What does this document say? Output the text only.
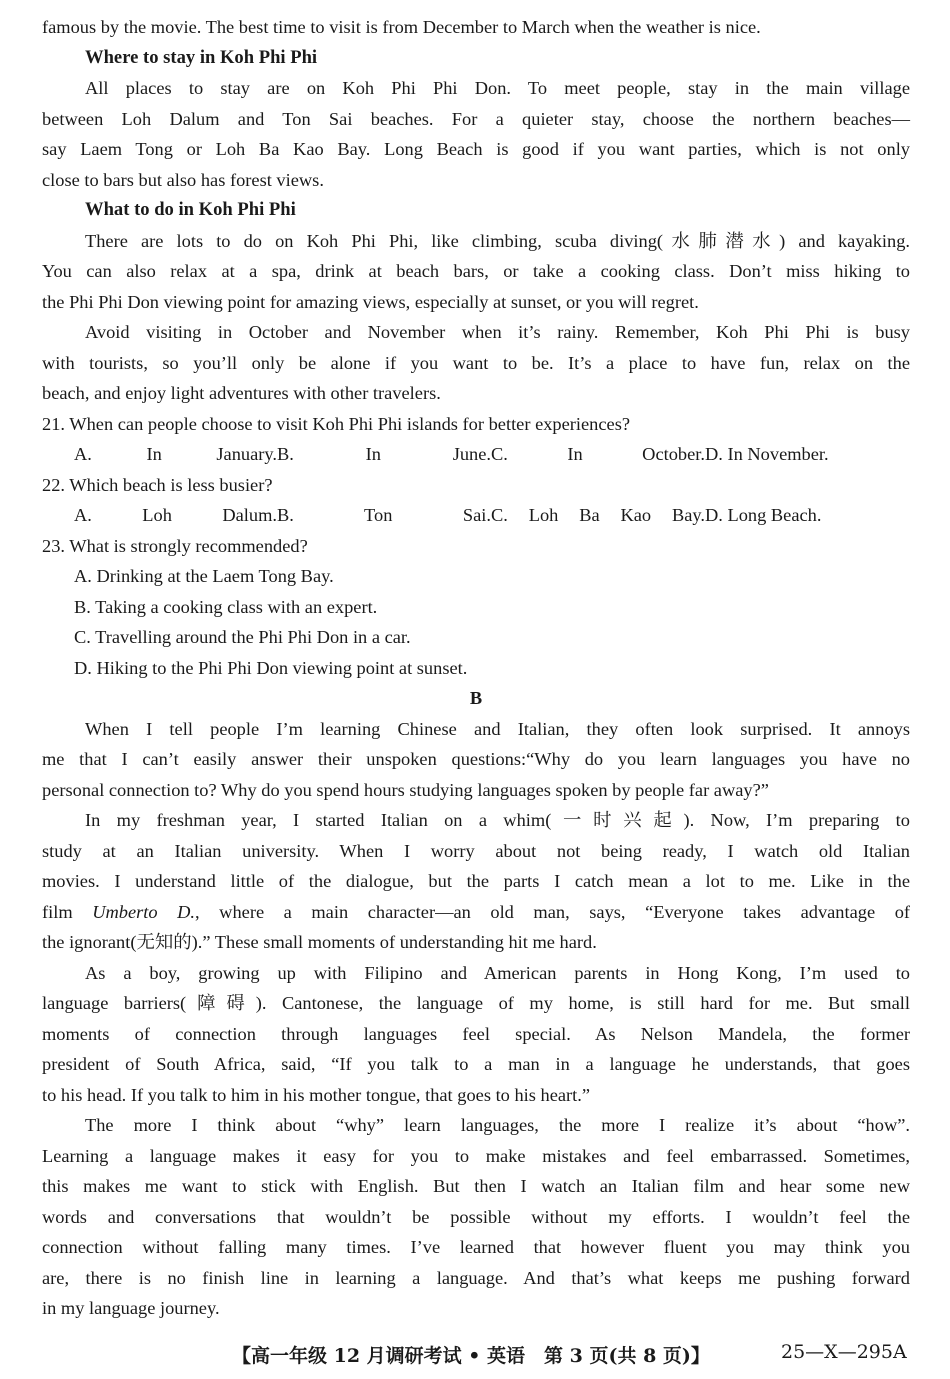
famous by the movie. The best time to visit is from December to March when the weather is nice.
Where to stay in Koh Phi Phi
All places to stay are on Koh Phi Phi Don. To meet people, stay in the main village
between Loh Dalum and Ton Sai beaches. For a quieter stay, choose the northern beaches—
say Laem Tong or Loh Ba Kao Bay. Long Beach is good if you want parties, which is not only
close to bars but also has forest views.
What to do in Koh Phi Phi
There are lots to do on Koh Phi Phi, like climbing, scuba diving(水肺潜水) and kayaking.
You can also relax at a spa, drink at beach bars, or take a cooking class. Don’t miss hiking to
the Phi Phi Don viewing point for amazing views, especially at sunset, or you will regret.
Avoid visiting in October and November when it’s rainy. Remember, Koh Phi Phi is busy
with tourists, so you’ll only be alone if you want to be. It’s a place to have fun, relax on the
beach, and enjoy light adventures with other travelers.
21. When can people choose to visit Koh Phi Phi islands for better experiences?
A. In January. B. In June. C. In October. D. In November.
22. Which beach is less busier?
A. Loh Dalum. B. Ton Sai. C. Loh Ba Kao Bay. D. Long Beach.
23. What is strongly recommended?
A. Drinking at the Laem Tong Bay.
B. Taking a cooking class with an expert.
C. Travelling around the Phi Phi Don in a car.
D. Hiking to the Phi Phi Don viewing point at sunset.
B
When I tell people I’m learning Chinese and Italian, they often look surprised. It annoys
me that I can’t easily answer their unspoken questions:“Why do you learn languages you have no
personal connection to? Why do you spend hours studying languages spoken by people far away?”
In my freshman year, I started Italian on a whim(一时兴起). Now, I’m preparing to
study at an Italian university. When I worry about not being ready, I watch old Italian
movies. I understand little of the dialogue, but the parts I catch mean a lot to me. Like in the
film Umberto D., where a main character—an old man, says, “Everyone takes advantage of
the ignorant(无知的).” These small moments of understanding hit me hard.
As a boy, growing up with Filipino and American parents in Hong Kong, I’m used to
language barriers(障碍). Cantonese, the language of my home, is still hard for me. But small
moments of connection through languages feel special. As Nelson Mandela, the former
president of South Africa, said, “If you talk to a man in a language he understands, that goes
to his head. If you talk to him in his mother tongue, that goes to his heart.”
The more I think about “why” learn languages, the more I realize it’s about “how”.
Learning a language makes it easy for you to make mistakes and feel embarrassed. Sometimes,
this makes me want to stick with English. But then I watch an Italian film and hear some new
words and conversations that wouldn’t be possible without my efforts. I wouldn’t feel the
connection without falling many times. I’ve learned that however fluent you may think you
are, there is no finish line in learning a language. And that’s what keeps me pushing forward
in my language journey.
【高一年级 12 月调研考试 • 英语　第 3 页(共 8 页)】	25—X—295A
